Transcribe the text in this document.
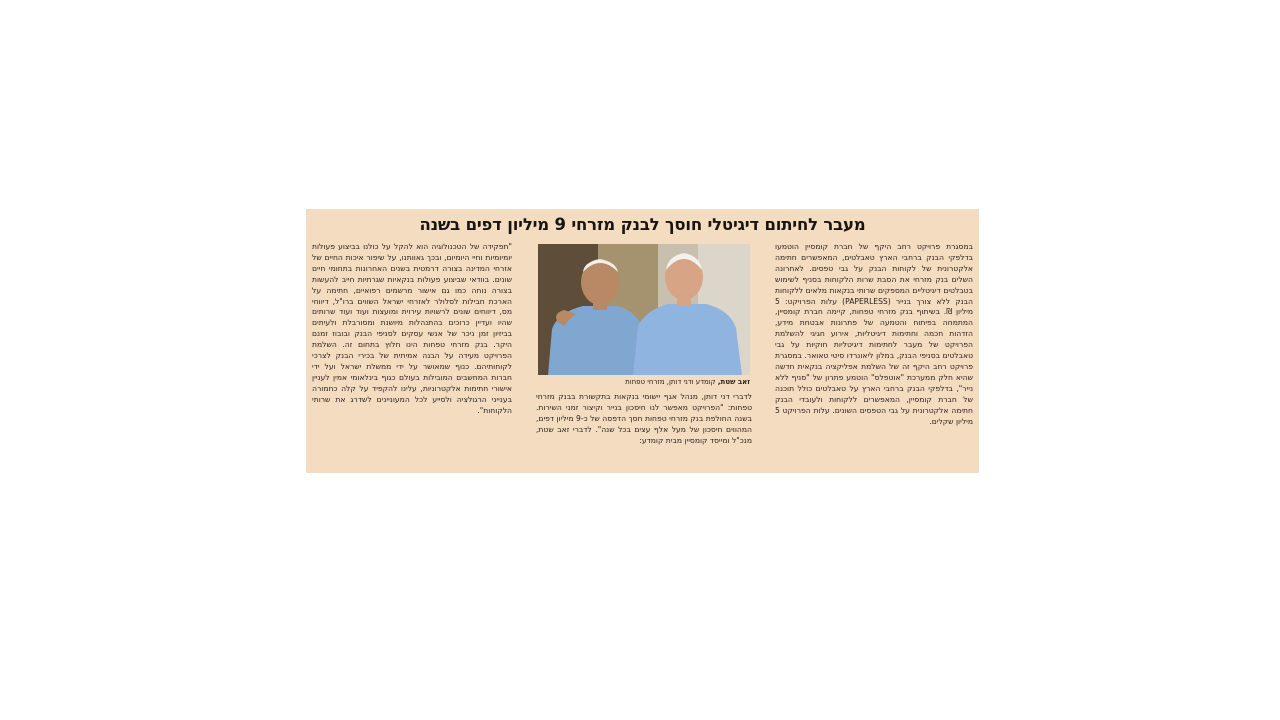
מעבר לחיתום דיגיטלי חוסך לבנק מזרחי 9 מיליון דפים בשנה
במסגרת פרויקט רחב היקף של חברת קומסיין הוטמעו בדלפקי הבנק ברחבי הארץ טאבלטים, המאפשרים חתימה אלקטרונית של לקוחות הבנק על גבי טפסים. לאחרונה השלים בנק מזרחי את הסבת שרות הלקוחות בסניף לשימוש בטבלטים דיגיטליים המספקים שרותי בנקאות מלאים ללקוחות הבנק ללא צורך בנייר (PAPERLESS) עלות הפרויקט: 5 מיליון ₪. בשיתוף בנק מזרחי טפחות, קיימה חברת קומסיין, המתמחה בפיתוח והטמעה של פתרונות אבטחת מידע, הזדהות חכמה וחתימות דיגיטליות, אירוע חגיגי להשלמת הפרויקט של מעבר לחתימות דיגיטליות חוקיות על גבי טאבלטים בסניפי הבנק, במלון ליאונרדו סיטי טאואר. במסגרת פרויקט רחב היקף זה של השלמת אפליקציה בנקאית חדשה שהיא חלק ממערכת "אוטפלס" הוטמע פתרון של "סניף ללא נייר", בדלפקי הבנק ברחבי הארץ על טאבלטים כולל תוכנה של חברת קומסיין, המאפשרים ללקוחות ולעובדי הבנק חתימה אלקטרונית על גבי הטפסים השונים. עלות הפרויקט 5 מיליון שקלים.
זאב שטת, קומדע ודני דותן, מזרחי טפחות
לדברי דני דותן, מנהל אגף יישומי בנקאות בתקשורת בבנק מזרחי טפחות: "הפרויקט מאפשר לנו חיסכון בנייר וקיצור זמני השירות. בשנה החולפת בנק מזרחי טפחות חסך הדפסה של כ-9 מיליון דפים, המהווים חיסכון של מעל אלף עצים בכל שנה". לדברי זאב שטת, מנכ"ל ומייסד קומסיין מבית קומדע:
"תפקידה של הטכנולוגיה הוא להקל על כולנו בביצוע פעולות יומיומיות וחיי היומיום, ובכך גאוותנו, על שיפור איכות החיים של אזרחי המדינה בצורה דרמטית בשנים האחרונות בתחומי חיים שונים. בוודאי שביצוע פעולות בנקאיות שגרתיות חייב להעשות בצורה נוחה כמו גם אישור מרשמים רפואיים, חתימה על הארכת חבילות לסלולר לאזרחי ישראל השווים ברו"ל, דיווחי מס, דיווחים שונים לרשויות עירוית ומועצות ועוד ועוד שרותים שהיו ועדיין כרוכים בהתנהלות מיושנת ומסורבלת ולעיתים בביזיון זמן ניכר של אנשי עסקים לסניפי הבנק ובובוז זמנם היקר. בנק מזרחי טפחות הינו חלוץ בתחום זה. השלמת הפרויקט מעידה על הבנה אמיתית של בכירי הבנק לצרכי לקוחותיהם. כנוף שמאושר על ידי ממשלת ישראל ועל ידי חברות המחשבים המובילות בעולם כגוף בינלאומי אמין לעניין אישורי חתימות אלקטרוניות, עלינו להקפיד על קלה כחמורה בענייני הרגולציה ולסייע לכל המעוניינים לשדרג את שרותי הלקוחות".
